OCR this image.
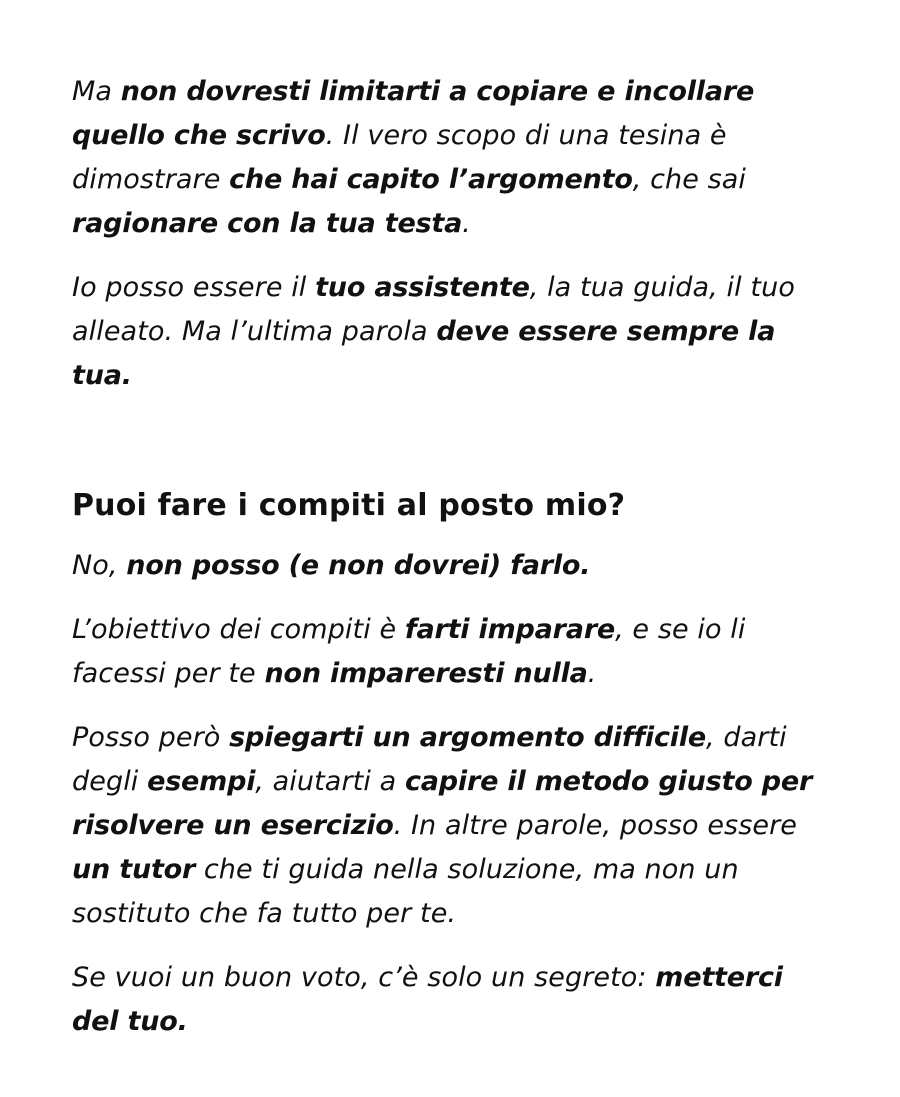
Ma non dovresti limitarti a copiare e incollare quello che scrivo. Il vero scopo di una tesina è dimostrare che hai capito l’argomento, che sai ragionare con la tua testa.

Io posso essere il tuo assistente, la tua guida, il tuo alleato. Ma l’ultima parola deve essere sempre la tua.

Puoi fare i compiti al posto mio?

No, non posso (e non dovrei) farlo.

L’obiettivo dei compiti è farti imparare, e se io li facessi per te non impareresti nulla.

Posso però spiegarti un argomento difficile, darti degli esempi, aiutarti a capire il metodo giusto per risolvere un esercizio. In altre parole, posso essere un tutor che ti guida nella soluzione, ma non un sostituto che fa tutto per te.

Se vuoi un buon voto, c’è solo un segreto: metterci del tuo.
